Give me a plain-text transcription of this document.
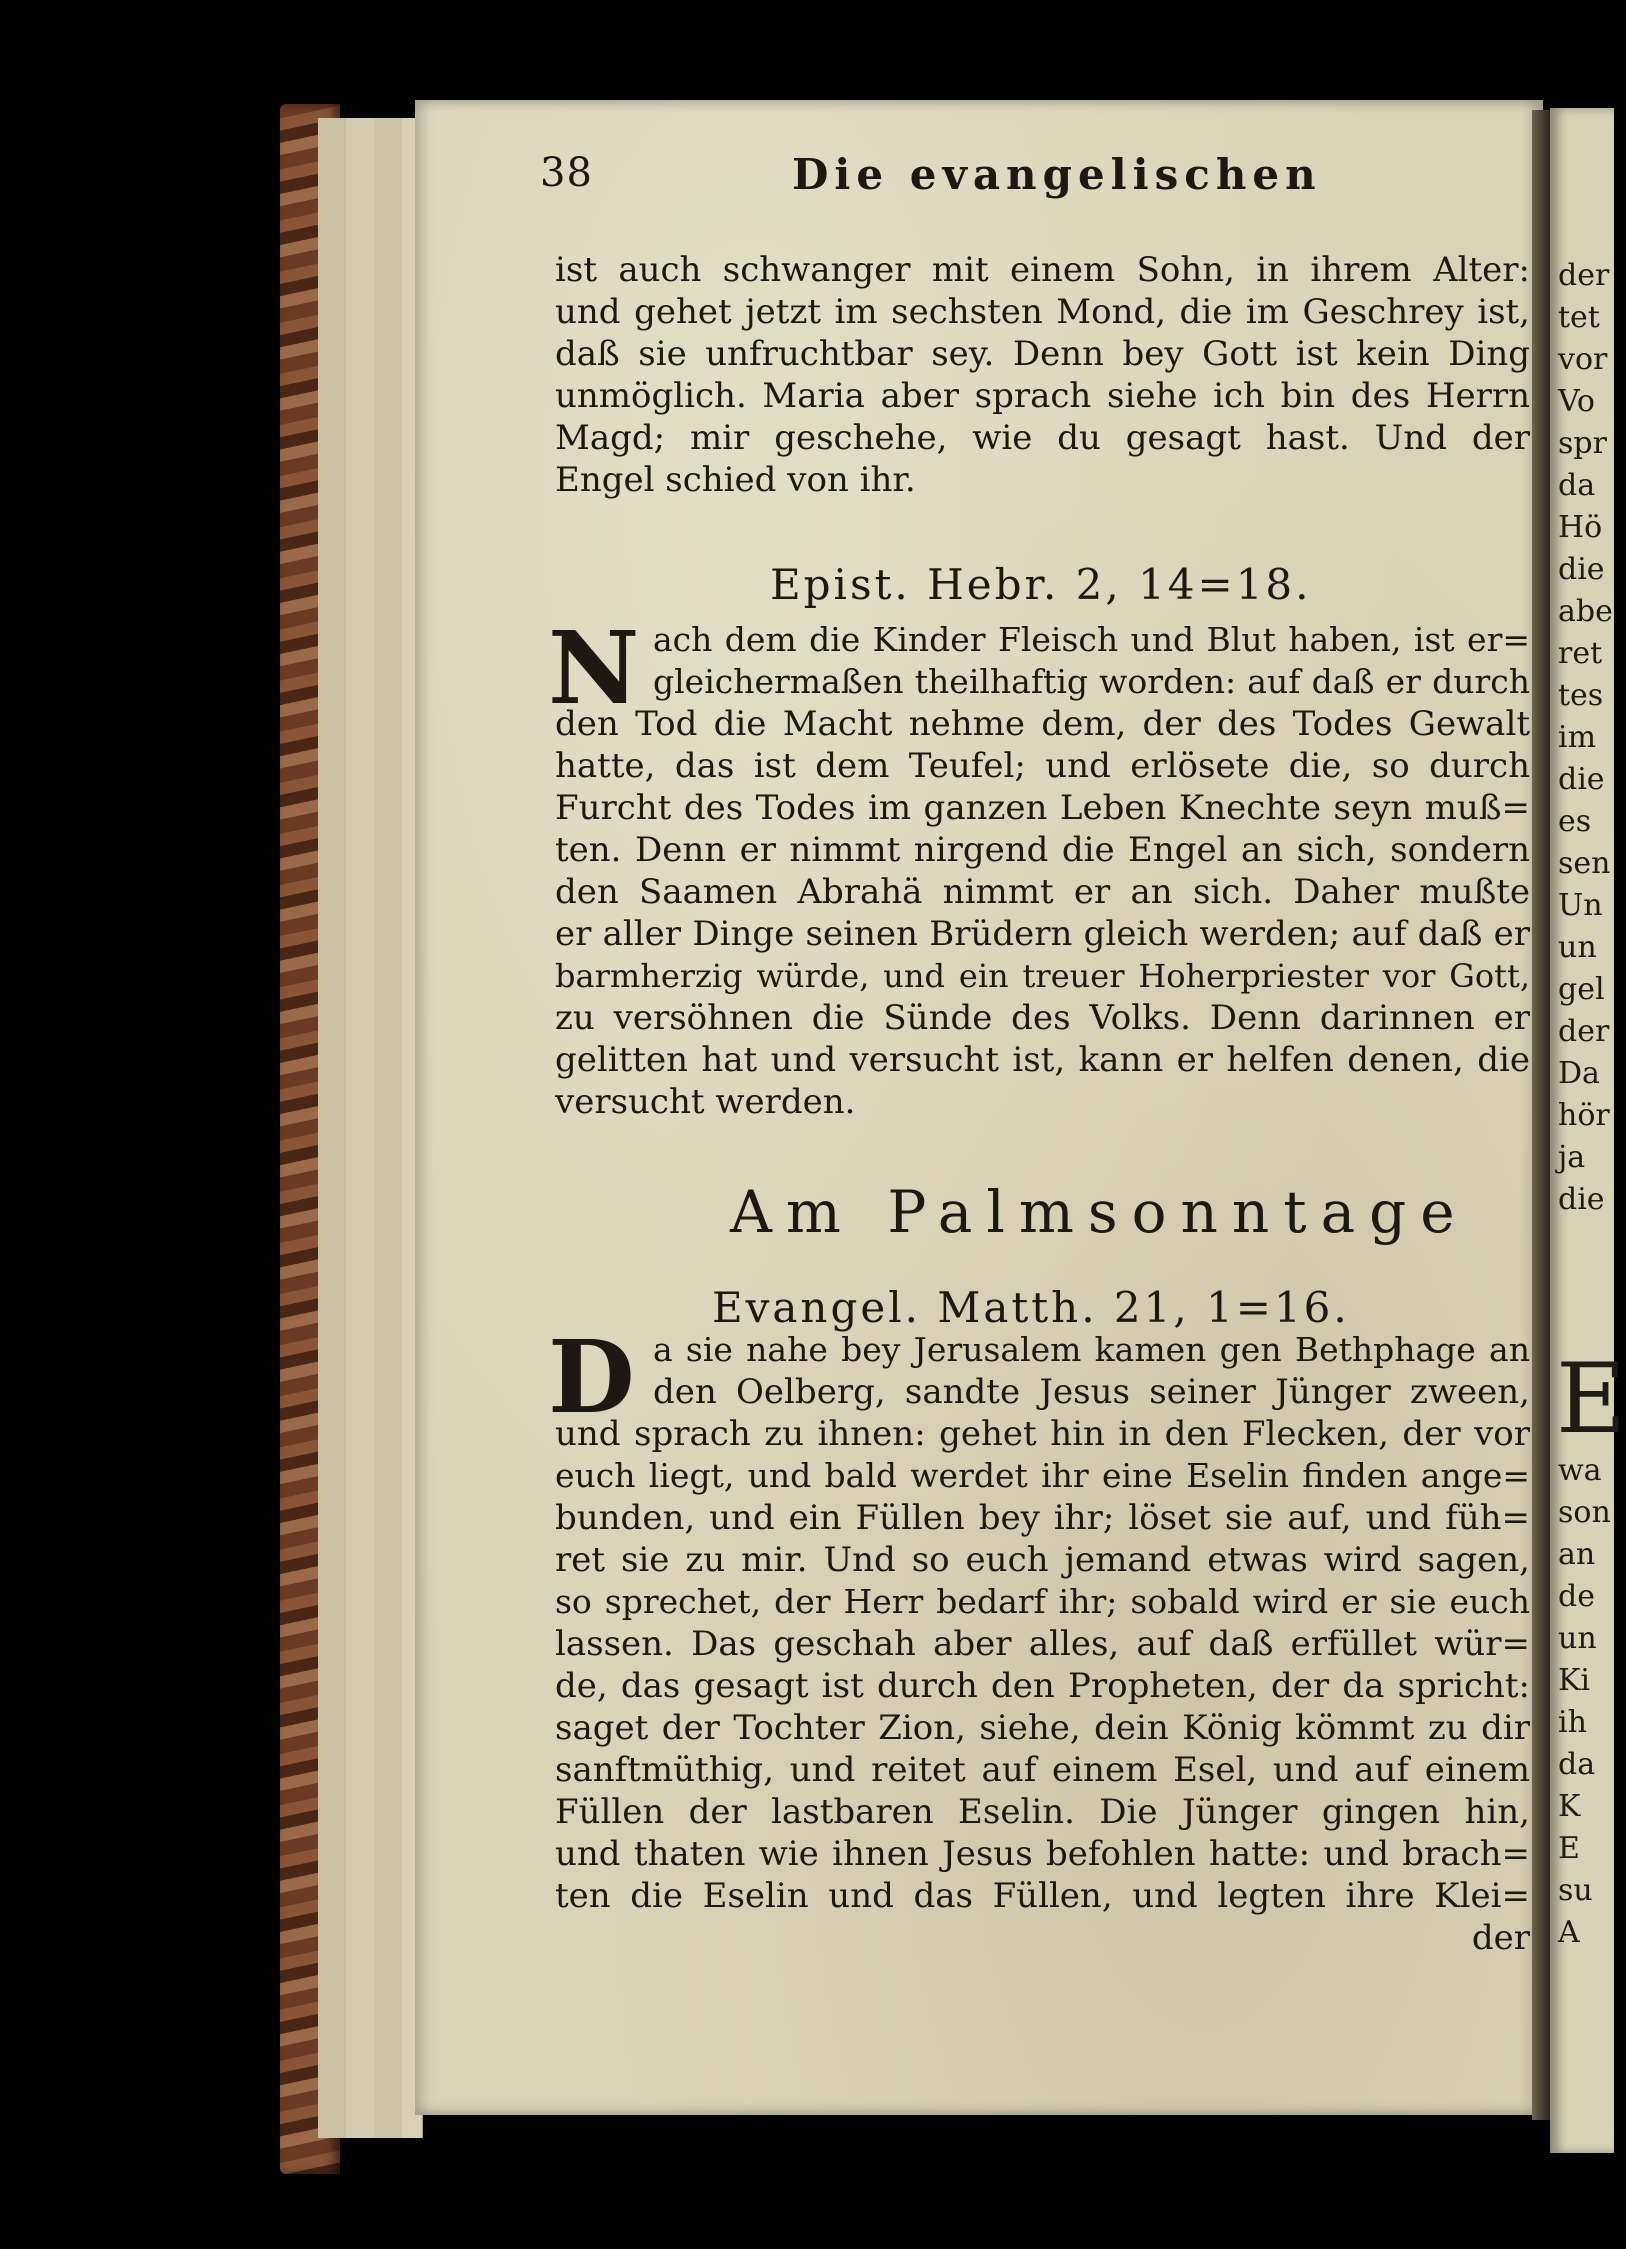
der
tet
vor
Vo
spr
da
Hö
die
abe
ret
tes
im
die
es
sen
Un
un
gel
der
Da
hör
ja
die
E
wa
son
an
de
un
Ki
ih
da
K
E
su
A
38	Die evangelischen
ist auch schwanger mit einem Sohn, in ihrem Alter:
und gehet jetzt im sechsten Mond, die im Geschrey ist,
daß sie unfruchtbar sey. Denn bey Gott ist kein Ding
unmöglich. Maria aber sprach siehe ich bin des Herrn
Magd; mir geschehe, wie du gesagt hast. Und der
Engel schied von ihr.
Epist. Hebr. 2, 14=18.
N ach dem die Kinder Fleisch und Blut haben, ist er=
gleichermaßen theilhaftig worden: auf daß er durch
den Tod die Macht nehme dem, der des Todes Gewalt
hatte, das ist dem Teufel; und erlösete die, so durch
Furcht des Todes im ganzen Leben Knechte seyn muß=
ten. Denn er nimmt nirgend die Engel an sich, sondern
den Saamen Abrahä nimmt er an sich. Daher mußte
er aller Dinge seinen Brüdern gleich werden; auf daß er
barmherzig würde, und ein treuer Hoherpriester vor Gott,
zu versöhnen die Sünde des Volks. Denn darinnen er
gelitten hat und versucht ist, kann er helfen denen, die
versucht werden.
Am Palmsonntage
Evangel. Matth. 21, 1=16.
D a sie nahe bey Jerusalem kamen gen Bethphage an
den Oelberg, sandte Jesus seiner Jünger zween,
und sprach zu ihnen: gehet hin in den Flecken, der vor
euch liegt, und bald werdet ihr eine Eselin finden ange=
bunden, und ein Füllen bey ihr; löset sie auf, und füh=
ret sie zu mir. Und so euch jemand etwas wird sagen,
so sprechet, der Herr bedarf ihr; sobald wird er sie euch
lassen. Das geschah aber alles, auf daß erfüllet wür=
de, das gesagt ist durch den Propheten, der da spricht:
saget der Tochter Zion, siehe, dein König kömmt zu dir
sanftmüthig, und reitet auf einem Esel, und auf einem
Füllen der lastbaren Eselin. Die Jünger gingen hin,
und thaten wie ihnen Jesus befohlen hatte: und brach=
ten die Eselin und das Füllen, und legten ihre Klei=
der
